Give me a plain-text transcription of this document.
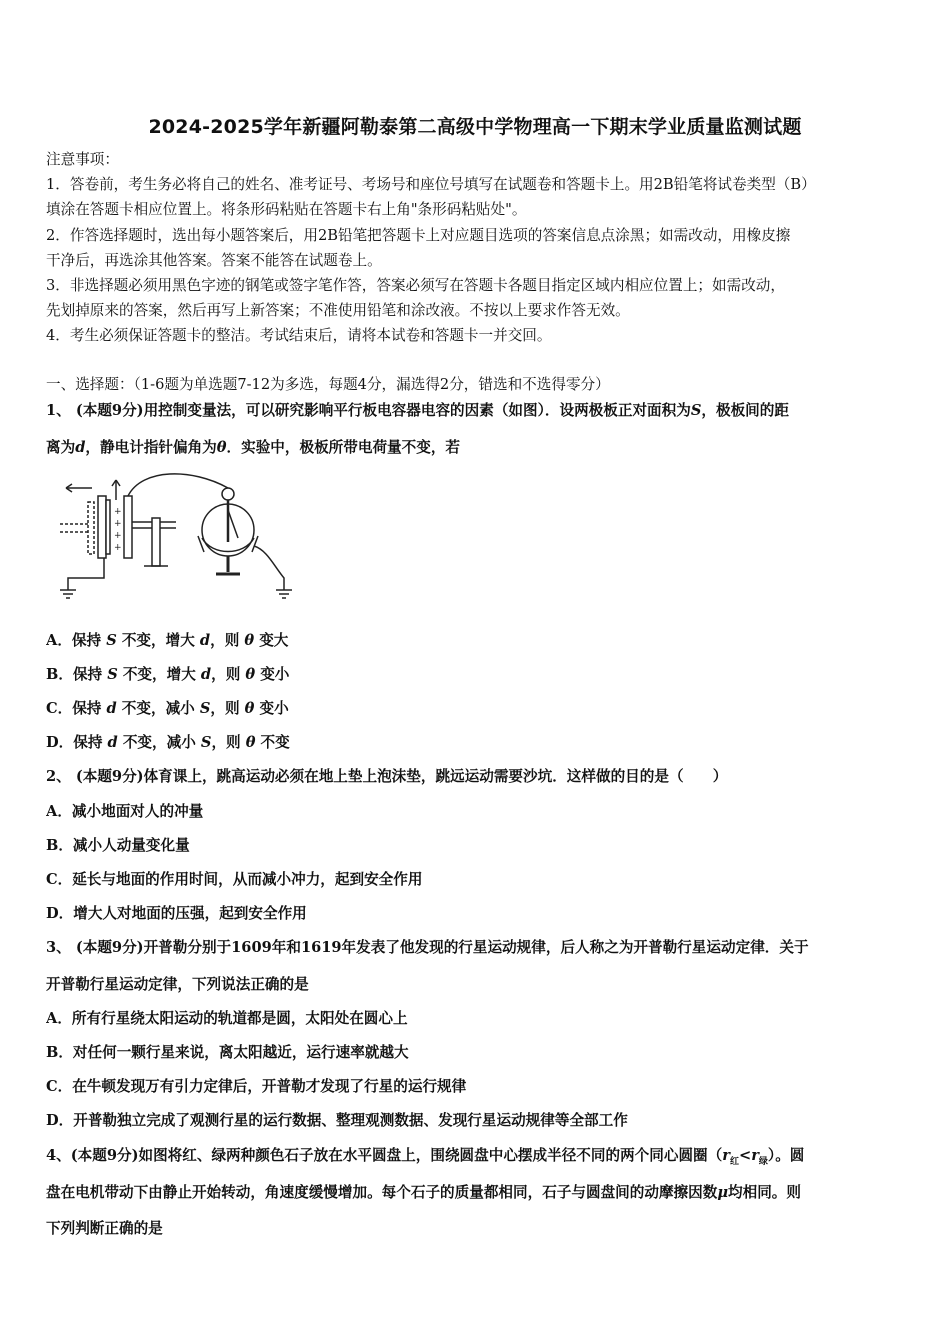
2024-2025学年新疆阿勒泰第二高级中学物理高一下期末学业质量监测试题
注意事项：
1．答卷前，考生务必将自己的姓名、准考证号、考场号和座位号填写在试题卷和答题卡上。用2B铅笔将试卷类型（B）
填涂在答题卡相应位置上。将条形码粘贴在答题卡右上角"条形码粘贴处"。
2．作答选择题时，选出每小题答案后，用2B铅笔把答题卡上对应题目选项的答案信息点涂黑；如需改动，用橡皮擦
干净后，再选涂其他答案。答案不能答在试题卷上。
3．非选择题必须用黑色字迹的钢笔或签字笔作答，答案必须写在答题卡各题目指定区域内相应位置上；如需改动，
先划掉原来的答案，然后再写上新答案；不准使用铅笔和涂改液。不按以上要求作答无效。
4．考生必须保证答题卡的整洁。考试结束后，请将本试卷和答题卡一并交回。
一、选择题：（1-6题为单选题7-12为多选，每题4分，漏选得2分，错选和不选得零分）
1、 (本题9分)用控制变量法，可以研究影响平行板电容器电容的因素（如图）．设两极板正对面积为S，极板间的距
离为d，静电计指针偏角为θ．实验中，极板所带电荷量不变，若
+
+
+
+
A．保持 S 不变，增大 d，则 θ 变大
B．保持 S 不变，增大 d，则 θ 变小
C．保持 d 不变，减小 S，则 θ 变小
D．保持 d 不变，减小 S，则 θ 不变
2、 (本题9分)体育课上，跳高运动必须在地上垫上泡沫垫，跳远运动需要沙坑．这样做的目的是（　　）
A．减小地面对人的冲量
B．减小人动量变化量
C．延长与地面的作用时间，从而减小冲力，起到安全作用
D．增大人对地面的压强，起到安全作用
3、 (本题9分)开普勒分别于1609年和1619年发表了他发现的行星运动规律，后人称之为开普勒行星运动定律．关于
开普勒行星运动定律，下列说法正确的是
A．所有行星绕太阳运动的轨道都是圆，太阳处在圆心上
B．对任何一颗行星来说，离太阳越近，运行速率就越大
C．在牛顿发现万有引力定律后，开普勒才发现了行星的运行规律
D．开普勒独立完成了观测行星的运行数据、整理观测数据、发现行星运动规律等全部工作
4、(本题9分)如图将红、绿两种颜色石子放在水平圆盘上，围绕圆盘中心摆成半径不同的两个同心圆圈$(r_红<r_绿)$。圆
盘在电机带动下由静止开始转动，角速度缓慢增加。每个石子的质量都相同，石子与圆盘间的动摩擦因数μ均相同。则
下列判断正确的是
